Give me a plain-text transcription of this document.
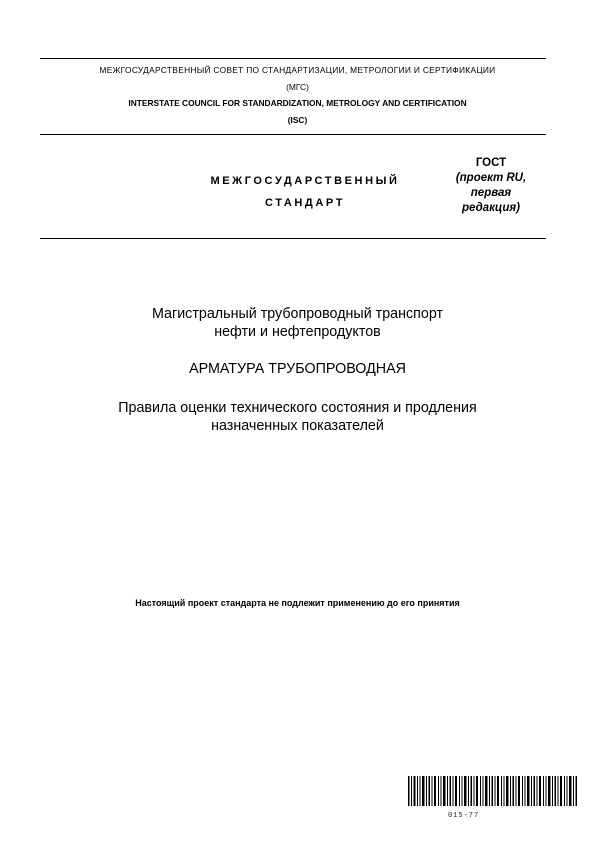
МЕЖГОСУДАРСТВЕННЫЙ СОВЕТ ПО СТАНДАРТИЗАЦИИ, МЕТРОЛОГИИ И СЕРТИФИКАЦИИ
(МГС)
INTERSTATE COUNCIL FOR STANDARDIZATION, METROLOGY AND CERTIFICATION
(ISC)
МЕЖГОСУДАРСТВЕННЫЙ
СТАНДАРТ
ГОСТ
(проект RU,
первая
редакция)
Магистральный трубопроводный транспорт
нефти и нефтепродуктов
АРМАТУРА ТРУБОПРОВОДНАЯ
Правила оценки технического состояния и продления
назначенных показателей
Настоящий проект стандарта не подлежит применению до его принятия
015-77
